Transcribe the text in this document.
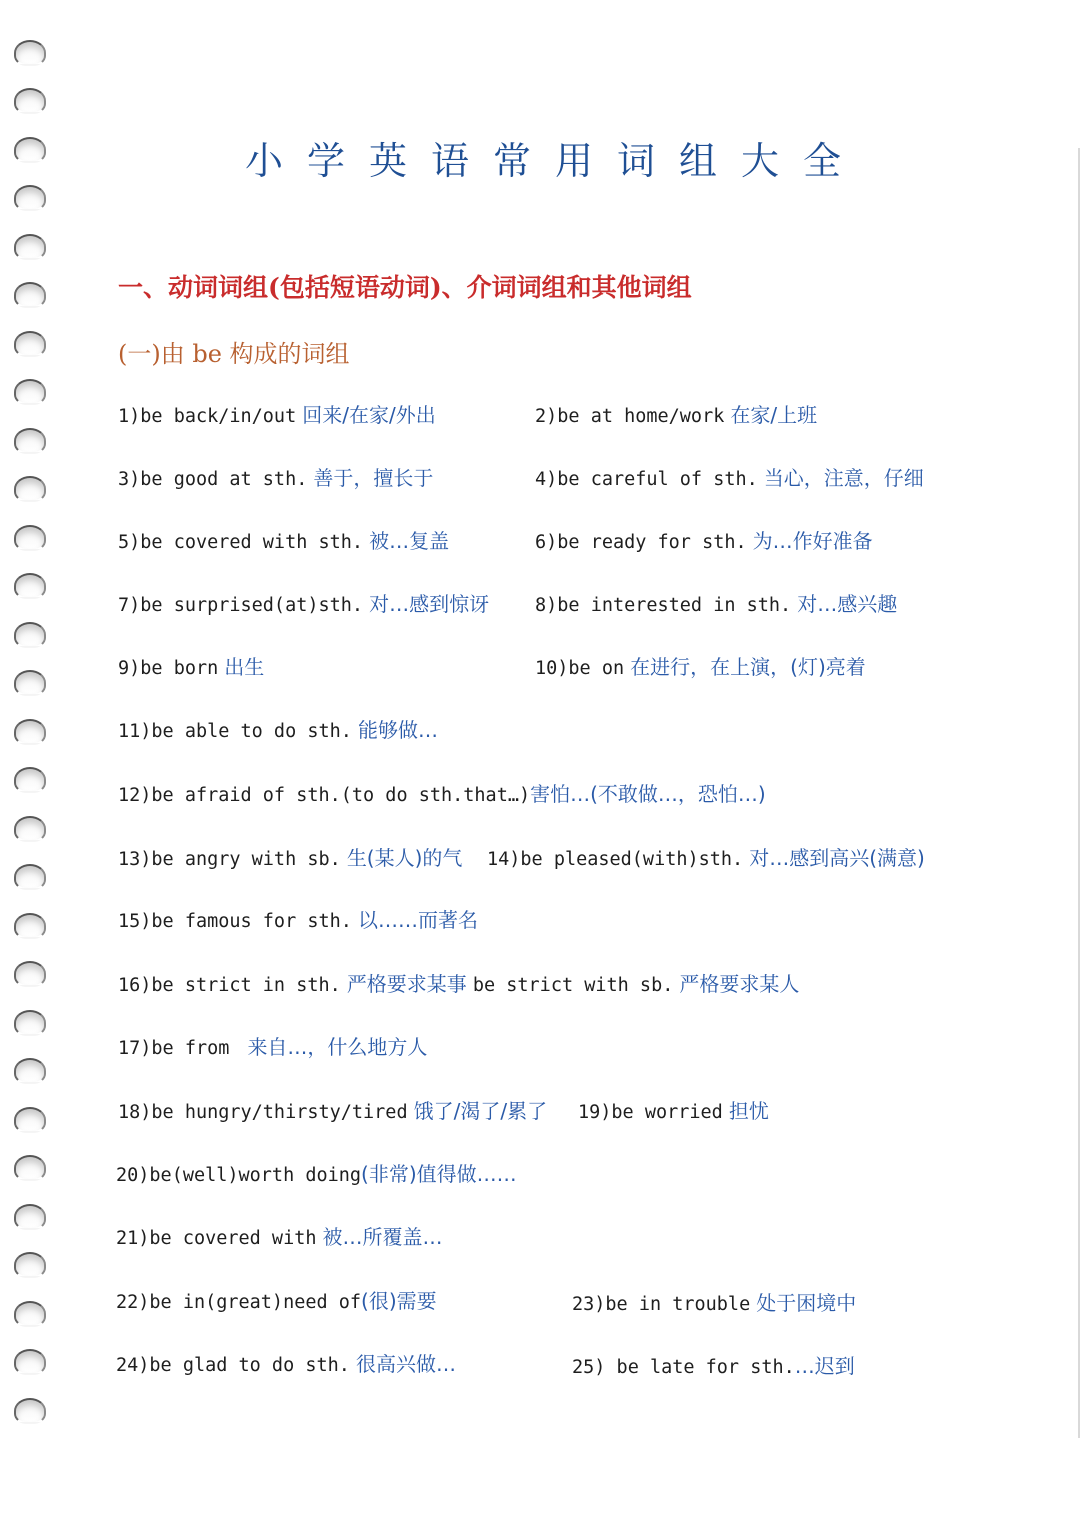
小学英语常用词组大全
一、动词词组(包括短语动词)、介词词组和其他词组
(一)由 be 构成的词组
1)be back/in/out 回来/在家/外出	2)be at home/work 在家/上班
3)be good at sth. 善于，擅长于	4)be careful of sth. 当心，注意，仔细
5)be covered with sth. 被…复盖	6)be ready for sth. 为…作好准备
7)be surprised(at)sth. 对…感到惊讶 8)be interested in sth. 对…感兴趣
9)be born 出生	10)be on 在进行，在上演，(灯)亮着
11)be able to do sth. 能够做…
12)be afraid of sth.(to do sth.that…)害怕…(不敢做…，恐怕…)
13)be angry with sb. 生(某人)的气 14)be pleased(with)sth. 对…感到高兴(满意)
15)be famous for sth. 以……而著名
16)be strict in sth. 严格要求某事 be strict with sb. 严格要求某人
17)be from 来自…，什么地方人
18)be hungry/thirsty/tired 饿了/渴了/累了 19)be worried 担忧
20)be(well)worth doing(非常)值得做……
21)be covered with 被…所覆盖…
22)be in(great)need of(很)需要	23)be in trouble 处于困境中
24)be glad to do sth. 很高兴做…	25) be late for sth.…迟到
